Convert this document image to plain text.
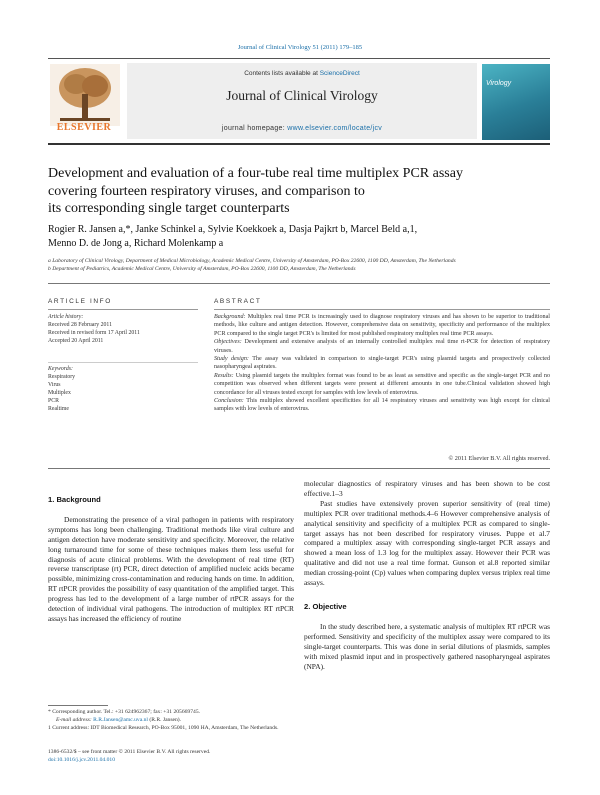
Journal of Clinical Virology 51 (2011) 179–185
Contents lists available at ScienceDirect
Journal of Clinical Virology
journal homepage: www.elsevier.com/locate/jcv
ELSEVIER
Virology
Development and evaluation of a four-tube real time multiplex PCR assay
covering fourteen respiratory viruses, and comparison to
its corresponding single target counterparts
Rogier R. Jansen a,*, Janke Schinkel a, Sylvie Koekkoek a, Dasja Pajkrt b, Marcel Beld a,1,
Menno D. de Jong a, Richard Molenkamp a
a Laboratory of Clinical Virology, Department of Medical Microbiology, Academic Medical Centre, University of Amsterdam, PO-Box 22600, 1100 DD, Amsterdam, The Netherlands
b Department of Pediatrics, Academic Medical Centre, University of Amsterdam, PO-Box 22600, 1100 DD, Amsterdam, The Netherlands
ARTICLE INFO
Article history:
Received 28 February 2011
Received in revised form 17 April 2011
Accepted 20 April 2011
Keywords:
Respiratory
Virus
Multiplex
PCR
Realtime
ABSTRACT

Background: Multiplex real time PCR is increasingly used to diagnose respiratory viruses and has shown to be superior to traditional methods, like culture and antigen detection. However, comprehensive data on sensitivity, specificity and performance of the multiplex PCR compared to the single target PCR's is limited for most published respiratory multiplex real time PCR assays.

Objectives: Development and extensive analysis of an internally controlled multiplex real time rt-PCR for detection of respiratory viruses.

Study design: The assay was validated in comparison to single-target PCR's using plasmid targets and prospectively collected nasopharyngeal aspirates.

Results: Using plasmid targets the multiplex format was found to be as least as sensitive and specific as the single-target PCR and no competition was observed when different targets were present at different amounts in one tube.Clinical validation showed high concordance for all viruses tested except for samples with low levels of enterovirus.

Conclusion: This multiplex showed excellent specificities for all 14 respiratory viruses and sensitivity was high except for clinical samples with low levels of enterovirus.

© 2011 Elsevier B.V. All rights reserved.
1. Background

Demonstrating the presence of a viral pathogen in patients with respiratory symptoms has long been challenging. Traditional methods like viral culture and antigen detection have moderate sensitivity and specificity. Moreover, the relative long turnaround time for some of these techniques makes them less useful for diagnosis of acute clinical problems. With the development of real time (RT) reverse transcriptase (rt) PCR, direct detection of amplified nucleic acids became possible, minimizing cross-contamination and reducing hands on time. In addition, RT rtPCR provides the possibility of easy quantitation of the amplified target. This progress has led to the development of a large number of rtPCR assays for the detection of individual viral pathogens. The introduction of multiplex RT rtPCR assays has increased the efficiency of routine

molecular diagnostics of respiratory viruses and has been shown to be cost effective.1–3

Past studies have extensively proven superior sensitivity of (real time) multiplex PCR over traditional methods.4–6 However comprehensive analysis of analytical sensitivity and specificity of a multiplex PCR as compared to single-target assays has not been described for respiratory viruses. Puppe et al.7 compared a multiplex assay with corresponding single-target PCR assays and showed a mean loss of 1.3 log for the multiplex assay. However their PCR was qualitative and did not use a real time format. Gunson et al.8 reported similar median crossing-point (Cp) values when comparing duplex versus triplex real time assays.

2. Objective

In the study described here, a systematic analysis of multiplex RT rtPCR was performed. Sensitivity and specificity of the multiplex assay were compared to its single-target counterparts. This was done in serial dilutions of plasmids, samples with mixed plasmid input and in prospectively gathered nasopharyngeal aspirates (NPA).

* Corresponding author. Tel.: +31 624962367; fax: +31 205669745.
E-mail address: R.R.Jansen@amc.uva.nl (R.R. Jansen).
1 Current address: IDT Biomedical Research, PO-Box 95001, 1090 HA, Amsterdam, The Netherlands.
1386-6532/$ – see front matter © 2011 Elsevier B.V. All rights reserved.
doi:10.1016/j.jcv.2011.04.010
